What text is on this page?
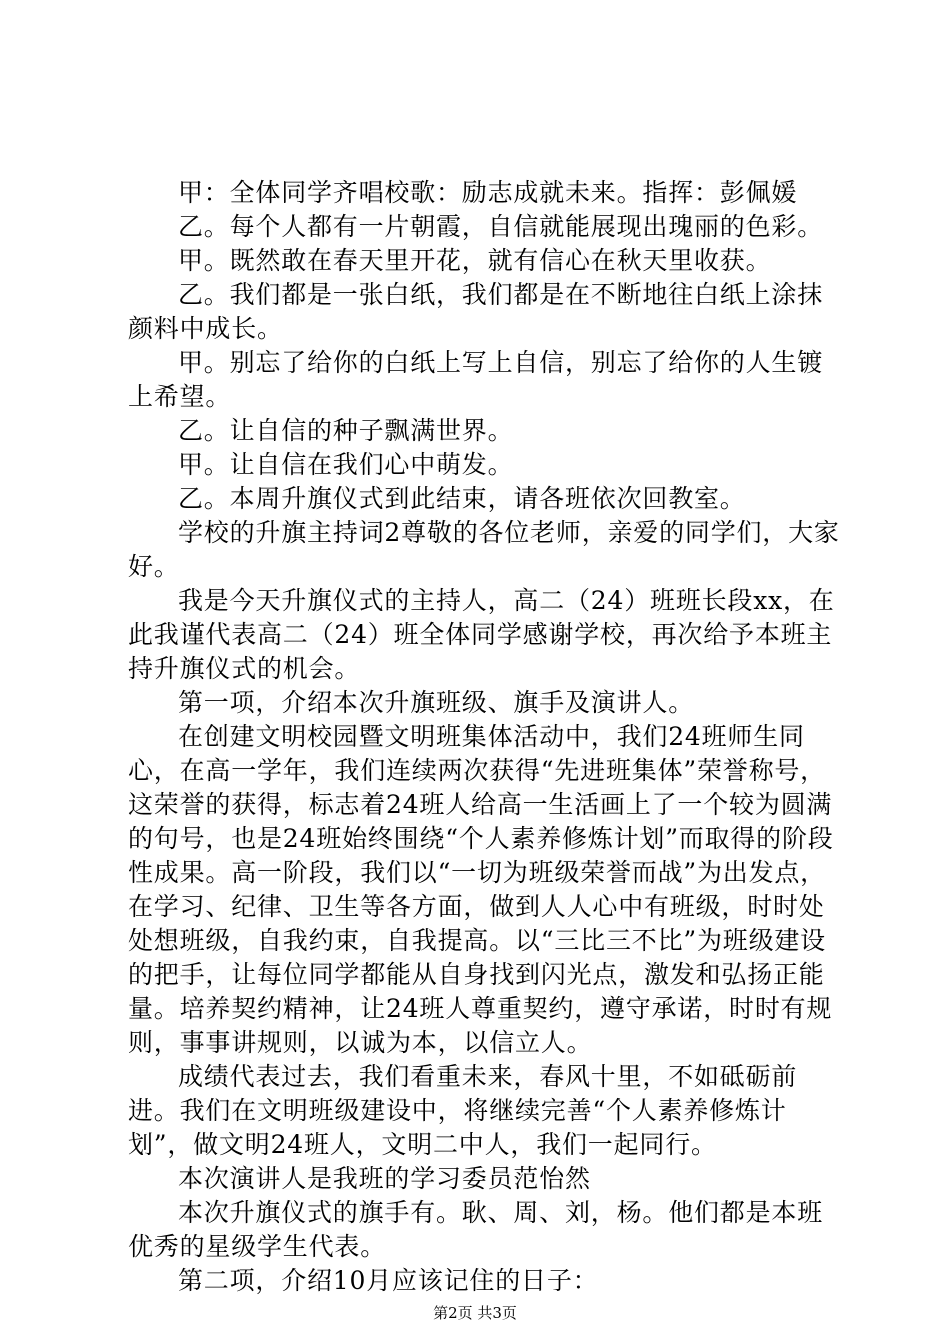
甲：全体同学齐唱校歌：励志成就未来。指挥：彭佩媛

乙。每个人都有一片朝霞，自信就能展现出瑰丽的色彩。

甲。既然敢在春天里开花，就有信心在秋天里收获。

乙。我们都是一张白纸，我们都是在不断地往白纸上涂抹颜料中成长。

甲。别忘了给你的白纸上写上自信，别忘了给你的人生镀上希望。

乙。让自信的种子飘满世界。

甲。让自信在我们心中萌发。

乙。本周升旗仪式到此结束，请各班依次回教室。

学校的升旗主持词2尊敬的各位老师，亲爱的同学们，大家好。

我是今天升旗仪式的主持人，高二（24）班班长段xx，在此我谨代表高二（24）班全体同学感谢学校，再次给予本班主持升旗仪式的机会。

第一项，介绍本次升旗班级、旗手及演讲人。

在创建文明校园暨文明班集体活动中，我们24班师生同心，在高一学年，我们连续两次获得“先进班集体”荣誉称号，这荣誉的获得，标志着24班人给高一生活画上了一个较为圆满的句号，也是24班始终围绕“个人素养修炼计划”而取得的阶段性成果。高一阶段，我们以“一切为班级荣誉而战”为出发点，在学习、纪律、卫生等各方面，做到人人心中有班级，时时处处想班级，自我约束，自我提高。以“三比三不比”为班级建设的把手，让每位同学都能从自身找到闪光点，激发和弘扬正能量。培养契约精神，让24班人尊重契约，遵守承诺，时时有规则，事事讲规则，以诚为本，以信立人。

成绩代表过去，我们看重未来，春风十里，不如砥砺前进。我们在文明班级建设中，将继续完善“个人素养修炼计划”，做文明24班人，文明二中人，我们一起同行。

本次演讲人是我班的学习委员范怡然

本次升旗仪式的旗手有。耿、周、刘，杨。他们都是本班优秀的星级学生代表。

第二项，介绍10月应该记住的日子：

第2页 共3页
